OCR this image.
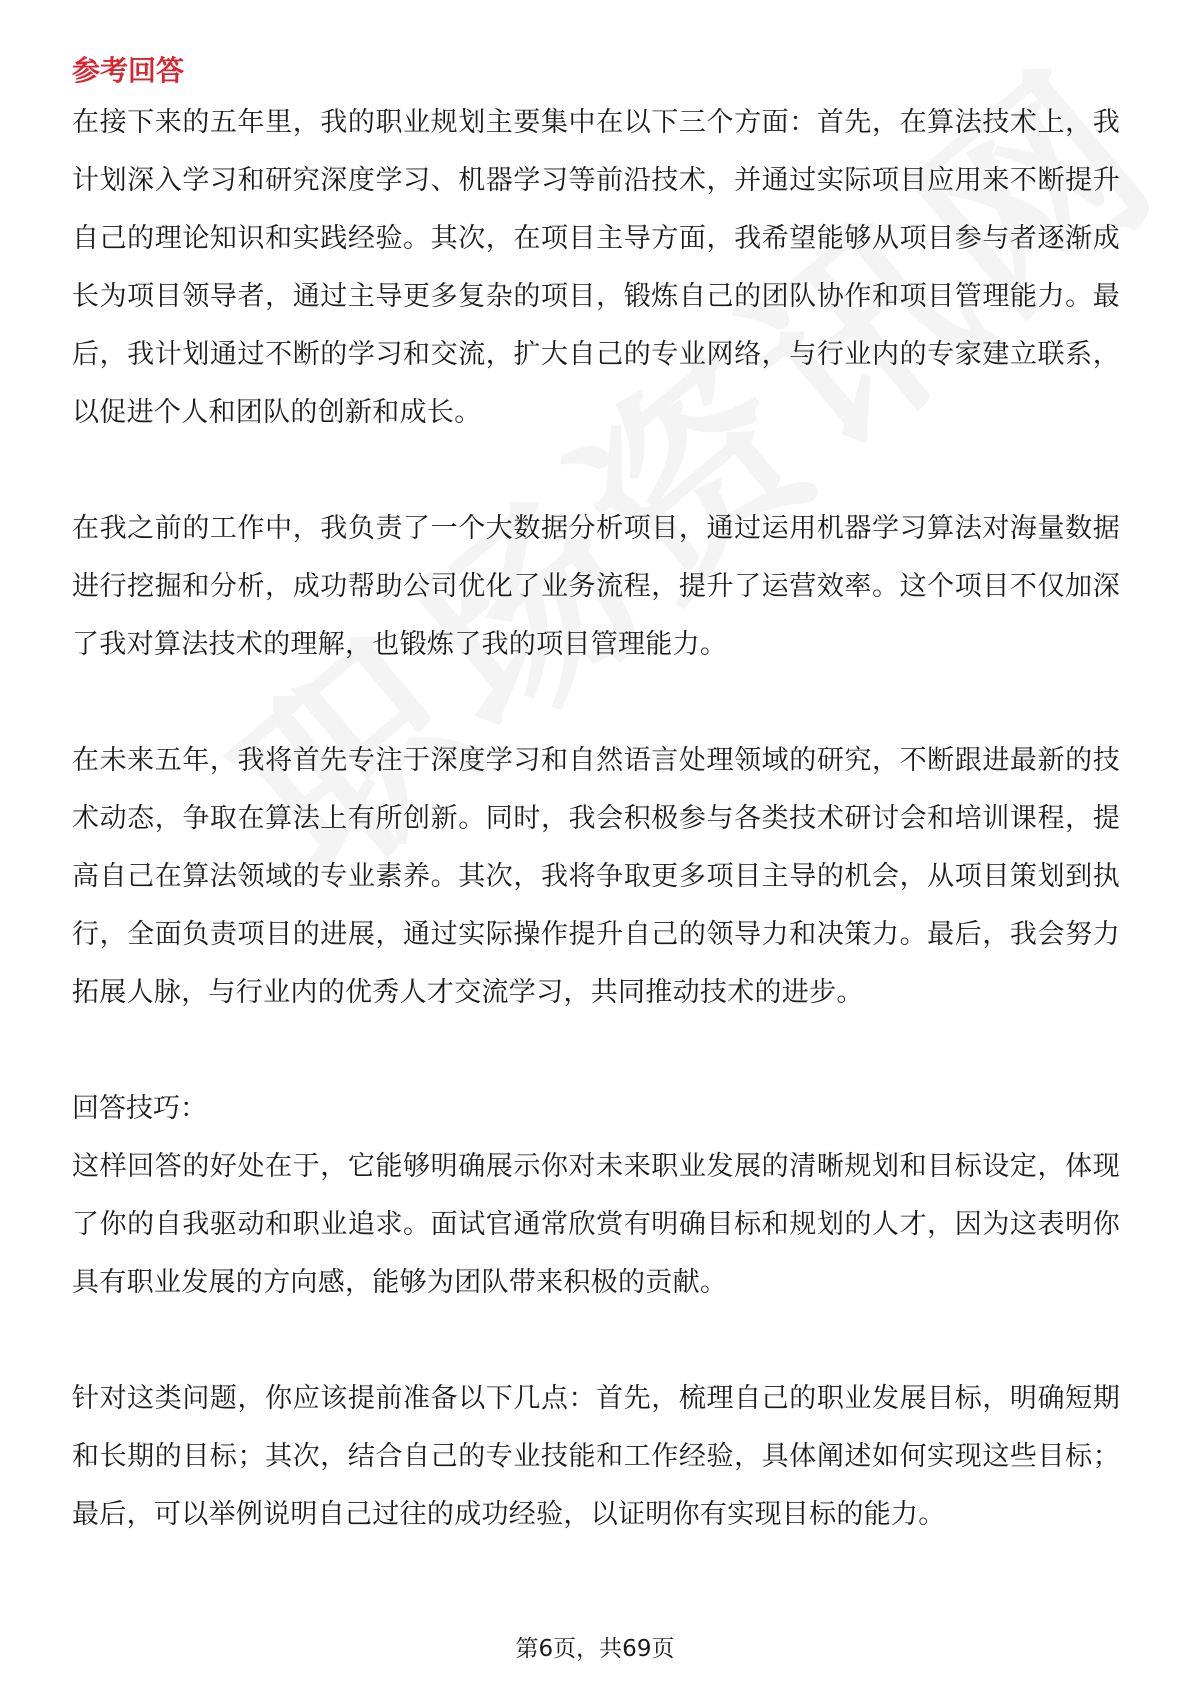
参考回答

在接下来的五年里，我的职业规划主要集中在以下三个方面：首先，在算法技术上，我计划深入学习和研究深度学习、机器学习等前沿技术，并通过实际项目应用来不断提升自己的理论知识和实践经验。其次，在项目主导方面，我希望能够从项目参与者逐渐成长为项目领导者，通过主导更多复杂的项目，锻炼自己的团队协作和项目管理能力。最后，我计划通过不断的学习和交流，扩大自己的专业网络，与行业内的专家建立联系，以促进个人和团队的创新和成长。

在我之前的工作中，我负责了一个大数据分析项目，通过运用机器学习算法对海量数据进行挖掘和分析，成功帮助公司优化了业务流程，提升了运营效率。这个项目不仅加深了我对算法技术的理解，也锻炼了我的项目管理能力。

在未来五年，我将首先专注于深度学习和自然语言处理领域的研究，不断跟进最新的技术动态，争取在算法上有所创新。同时，我会积极参与各类技术研讨会和培训课程，提高自己在算法领域的专业素养。其次，我将争取更多项目主导的机会，从项目策划到执行，全面负责项目的进展，通过实际操作提升自己的领导力和决策力。最后，我会努力拓展人脉，与行业内的优秀人才交流学习，共同推动技术的进步。

回答技巧：

这样回答的好处在于，它能够明确展示你对未来职业发展的清晰规划和目标设定，体现了你的自我驱动和职业追求。面试官通常欣赏有明确目标和规划的人才，因为这表明你具有职业发展的方向感，能够为团队带来积极的贡献。

针对这类问题，你应该提前准备以下几点：首先，梳理自己的职业发展目标，明确短期和长期的目标；其次，结合自己的专业技能和工作经验，具体阐述如何实现这些目标；最后，可以举例说明自己过往的成功经验，以证明你有实现目标的能力。

第6页，共69页
